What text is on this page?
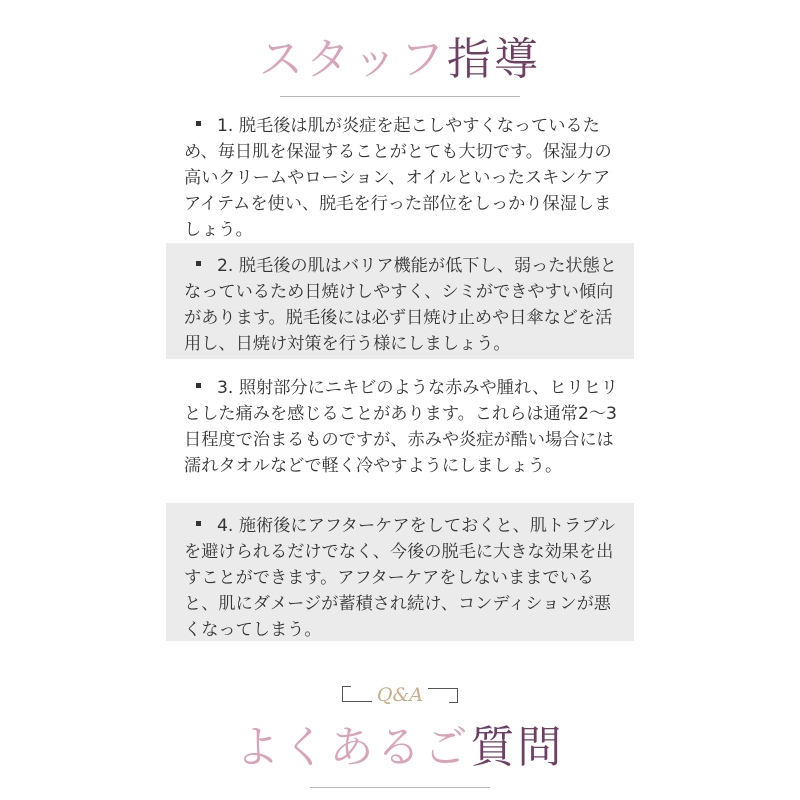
スタッフ指導

1. 脱毛後は肌が炎症を起こしやすくなっているため、毎日肌を保湿することがとても大切です。保湿力の高いクリームやローション、オイルといったスキンケアアイテムを使い、脱毛を行った部位をしっかり保湿しましょう。

2. 脱毛後の肌はバリア機能が低下し、弱った状態となっているため日焼けしやすく、シミができやすい傾向があります。脱毛後には必ず日焼け止めや日傘などを活用し、日焼け対策を行う様にしましょう。

3. 照射部分にニキビのような赤みや腫れ、ヒリヒリとした痛みを感じることがあります。これらは通常2〜3日程度で治まるものですが、赤みや炎症が酷い場合には濡れタオルなどで軽く冷やすようにしましょう。

4. 施術後にアフターケアをしておくと、肌トラブルを避けられるだけでなく、今後の脱毛に大きな効果を出すことができます。アフターケアをしないままでいると、肌にダメージが蓄積され続け、コンディションが悪くなってしまう。

Q&A
よくあるご質問
